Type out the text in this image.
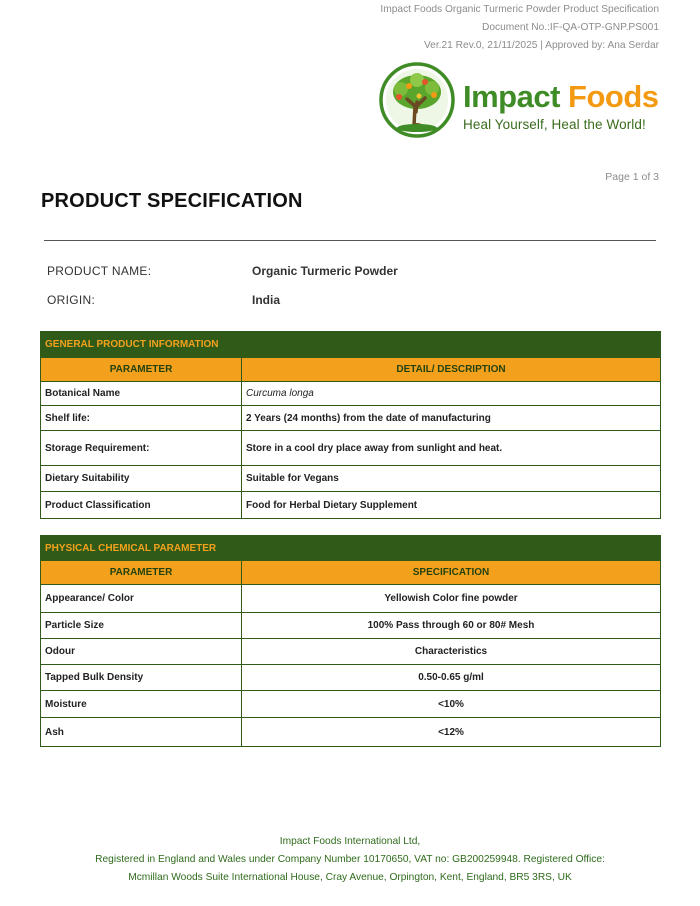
Impact Foods Organic Turmeric Powder Product Specification
Document No.:IF-QA-OTP-GNP.PS001
Ver.21 Rev.0, 21/11/2025 | Approved by: Ana Serdar
Impact Foods
Heal Yourself, Heal the World!
Page 1 of 3
PRODUCT SPECIFICATION
PRODUCT NAME:	Organic Turmeric Powder
ORIGIN:	India
GENERAL PRODUCT INFORMATION	
PARAMETER	DETAIL/ DESCRIPTION
Botanical Name	Curcuma longa
Shelf life:	2 Years (24 months) from the date of manufacturing
Storage Requirement:	Store in a cool dry place away from sunlight and heat.
Dietary Suitability	Suitable for Vegans
Product Classification	Food for Herbal Dietary Supplement
PHYSICAL CHEMICAL PARAMETER	
PARAMETER	SPECIFICATION
Appearance/ Color	Yellowish Color fine powder
Particle Size	100% Pass through 60 or 80# Mesh
Odour	Characteristics
Tapped Bulk Density	0.50-0.65 g/ml
Moisture	<10%
Ash	<12%
Impact Foods International Ltd,
Registered in England and Wales under Company Number 10170650, VAT no: GB200259948. Registered Office:
Mcmillan Woods Suite International House, Cray Avenue, Orpington, Kent, England, BR5 3RS, UK
